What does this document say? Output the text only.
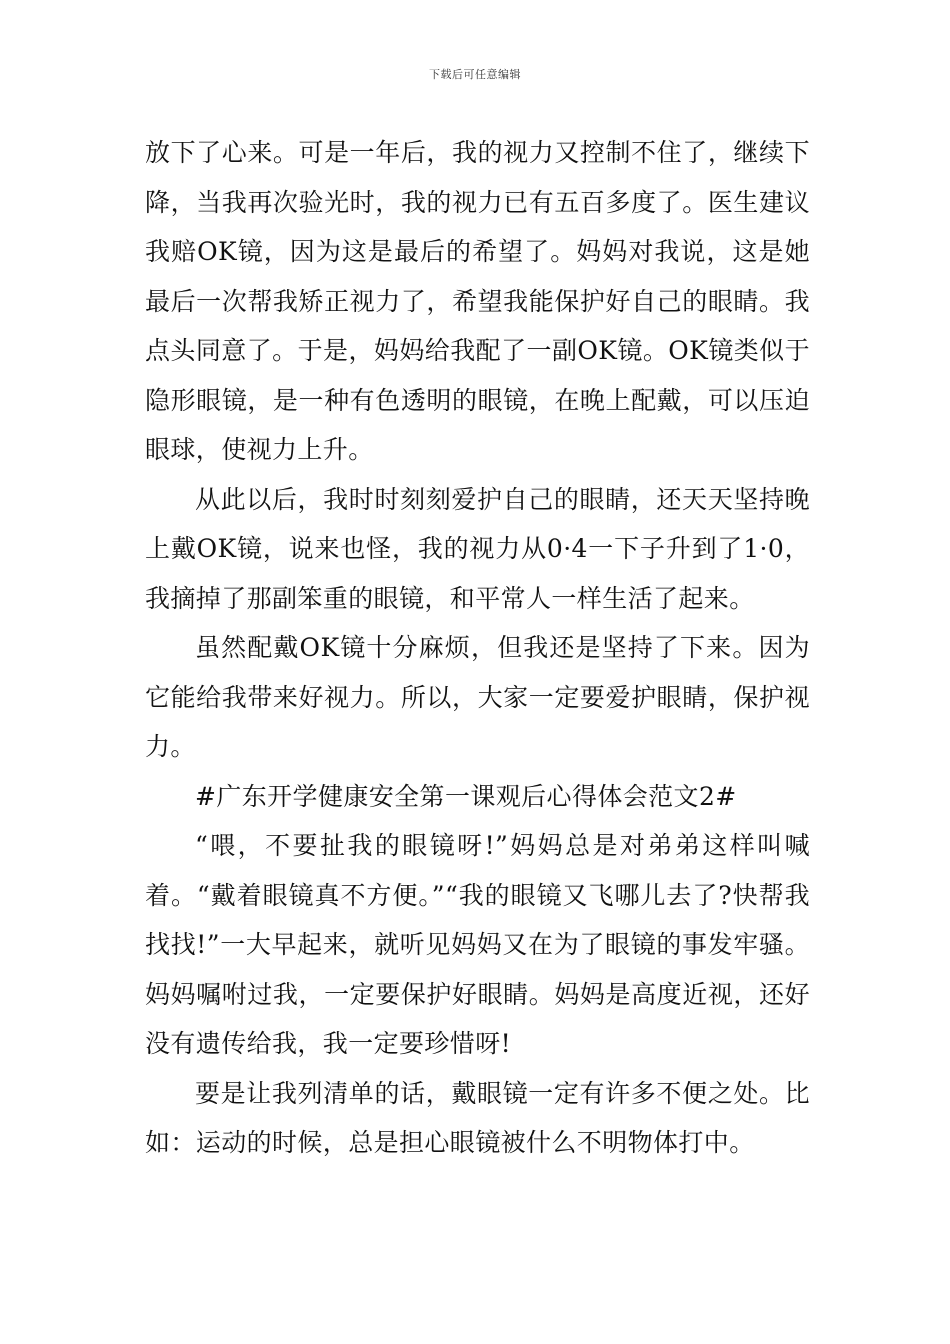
下载后可任意编辑

放下了心来。可是一年后，我的视力又控制不住了，继续下降，当我再次验光时，我的视力已有五百多度了。医生建议我赔OK镜，因为这是最后的希望了。妈妈对我说，这是她最后一次帮我矫正视力了，希望我能保护好自己的眼睛。我点头同意了。于是，妈妈给我配了一副OK镜。OK镜类似于隐形眼镜，是一种有色透明的眼镜，在晚上配戴，可以压迫眼球，使视力上升。

从此以后，我时时刻刻爱护自己的眼睛，还天天坚持晚上戴OK镜，说来也怪，我的视力从0·4一下子升到了1·0，我摘掉了那副笨重的眼镜，和平常人一样生活了起来。

虽然配戴OK镜十分麻烦，但我还是坚持了下来。因为它能给我带来好视力。所以，大家一定要爱护眼睛，保护视力。

#广东开学健康安全第一课观后心得体会范文2#

“喂，不要扯我的眼镜呀!”妈妈总是对弟弟这样叫喊着。“戴着眼镜真不方便。”“我的眼镜又飞哪儿去了?快帮我找找!”一大早起来，就听见妈妈又在为了眼镜的事发牢骚。妈妈嘱咐过我，一定要保护好眼睛。妈妈是高度近视，还好没有遗传给我，我一定要珍惜呀!

要是让我列清单的话，戴眼镜一定有许多不便之处。比如：运动的时候，总是担心眼镜被什么不明物体打中。
